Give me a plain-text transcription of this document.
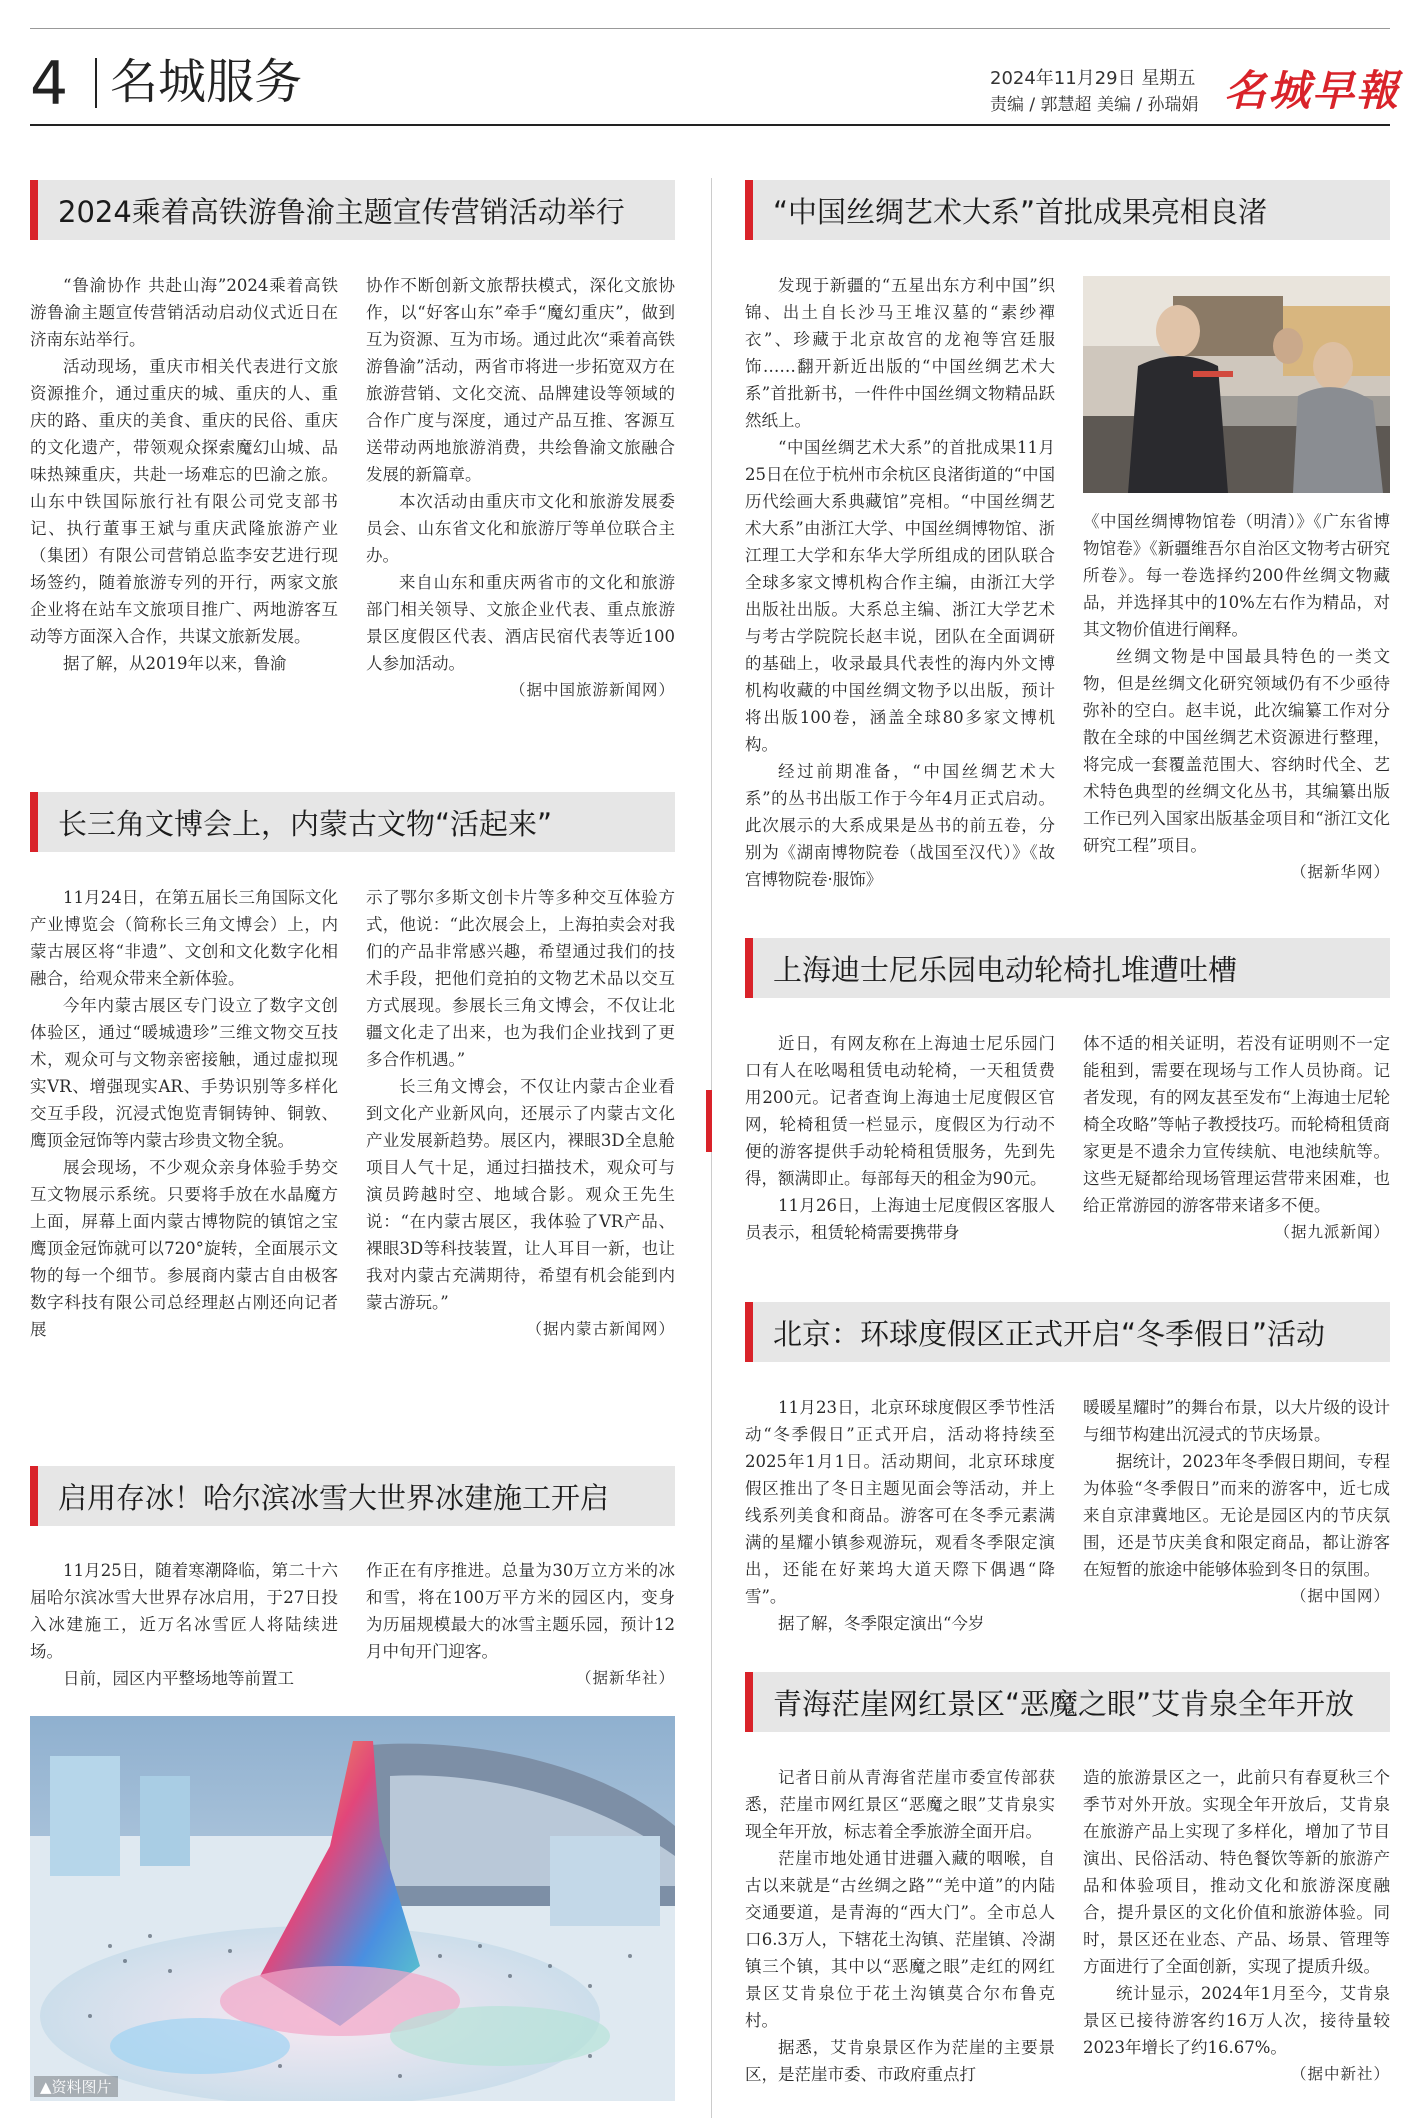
4 名城服务	2024年11月29日 星期五
责编 / 郭慧超 美编 / 孙瑞娟 名城早報
2024乘着高铁游鲁渝主题宣传营销活动举行

“鲁渝协作 共赴山海”2024乘着高铁游鲁渝主题宣传营销活动启动仪式近日在济南东站举行。

活动现场，重庆市相关代表进行文旅资源推介，通过重庆的城、重庆的人、重庆的路、重庆的美食、重庆的民俗、重庆的文化遗产，带领观众探索魔幻山城、品味热辣重庆，共赴一场难忘的巴渝之旅。山东中铁国际旅行社有限公司党支部书记、执行董事王斌与重庆武隆旅游产业（集团）有限公司营销总监李安艺进行现场签约，随着旅游专列的开行，两家文旅企业将在站车文旅项目推广、两地游客互动等方面深入合作，共谋文旅新发展。

据了解，从2019年以来，鲁渝

协作不断创新文旅帮扶模式，深化文旅协作，以“好客山东”牵手“魔幻重庆”，做到互为资源、互为市场。通过此次“乘着高铁游鲁渝”活动，两省市将进一步拓宽双方在旅游营销、文化交流、品牌建设等领域的合作广度与深度，通过产品互推、客源互送带动两地旅游消费，共绘鲁渝文旅融合发展的新篇章。

本次活动由重庆市文化和旅游发展委员会、山东省文化和旅游厅等单位联合主办。

来自山东和重庆两省市的文化和旅游部门相关领导、文旅企业代表、重点旅游景区度假区代表、酒店民宿代表等近100人参加活动。

（据中国旅游新闻网）

长三角文博会上，内蒙古文物“活起来”

11月24日，在第五届长三角国际文化产业博览会（简称长三角文博会）上，内蒙古展区将“非遗”、文创和文化数字化相融合，给观众带来全新体验。

今年内蒙古展区专门设立了数字文创体验区，通过“暖城遗珍”三维文物交互技术，观众可与文物亲密接触，通过虚拟现实VR、增强现实AR、手势识别等多样化交互手段，沉浸式饱览青铜铸钟、铜敦、鹰顶金冠饰等内蒙古珍贵文物全貌。

展会现场，不少观众亲身体验手势交互文物展示系统。只要将手放在水晶魔方上面，屏幕上面内蒙古博物院的镇馆之宝鹰顶金冠饰就可以720°旋转，全面展示文物的每一个细节。参展商内蒙古自由极客数字科技有限公司总经理赵占刚还向记者展

示了鄂尔多斯文创卡片等多种交互体验方式，他说：“此次展会上，上海拍卖会对我们的产品非常感兴趣，希望通过我们的技术手段，把他们竞拍的文物艺术品以交互方式展现。参展长三角文博会，不仅让北疆文化走了出来，也为我们企业找到了更多合作机遇。”

长三角文博会，不仅让内蒙古企业看到文化产业新风向，还展示了内蒙古文化产业发展新趋势。展区内，裸眼3D全息舱项目人气十足，通过扫描技术，观众可与演员跨越时空、地域合影。观众王先生说：“在内蒙古展区，我体验了VR产品、裸眼3D等科技装置，让人耳目一新，也让我对内蒙古充满期待，希望有机会能到内蒙古游玩。”

（据内蒙古新闻网）

启用存冰！哈尔滨冰雪大世界冰建施工开启

11月25日，随着寒潮降临，第二十六届哈尔滨冰雪大世界存冰启用，于27日投入冰建施工，近万名冰雪匠人将陆续进场。

日前，园区内平整场地等前置工

作正在有序推进。总量为30万立方米的冰和雪，将在100万平方米的园区内，变身为历届规模最大的冰雪主题乐园，预计12月中旬开门迎客。

（据新华社）

▲资料图片
“中国丝绸艺术大系”首批成果亮相良渚

发现于新疆的“五星出东方利中国”织锦、出土自长沙马王堆汉墓的“素纱襌衣”、珍藏于北京故宫的龙袍等宫廷服饰……翻开新近出版的“中国丝绸艺术大系”首批新书，一件件中国丝绸文物精品跃然纸上。

“中国丝绸艺术大系”的首批成果11月25日在位于杭州市余杭区良渚街道的“中国历代绘画大系典藏馆”亮相。“中国丝绸艺术大系”由浙江大学、中国丝绸博物馆、浙江理工大学和东华大学所组成的团队联合全球多家文博机构合作主编，由浙江大学出版社出版。大系总主编、浙江大学艺术与考古学院院长赵丰说，团队在全面调研的基础上，收录最具代表性的海内外文博机构收藏的中国丝绸文物予以出版，预计将出版100卷，涵盖全球80多家文博机构。

经过前期准备，“中国丝绸艺术大系”的丛书出版工作于今年4月正式启动。此次展示的大系成果是丛书的前五卷，分别为《湖南博物院卷（战国至汉代）》《故宫博物院卷·服饰》

《中国丝绸博物馆卷（明清）》《广东省博物馆卷》《新疆维吾尔自治区文物考古研究所卷》。每一卷选择约200件丝绸文物藏品，并选择其中的10%左右作为精品，对其文物价值进行阐释。

丝绸文物是中国最具特色的一类文物，但是丝绸文化研究领域仍有不少亟待弥补的空白。赵丰说，此次编纂工作对分散在全球的中国丝绸艺术资源进行整理，将完成一套覆盖范围大、容纳时代全、艺术特色典型的丝绸文化丛书，其编纂出版工作已列入国家出版基金项目和“浙江文化研究工程”项目。

（据新华网）

上海迪士尼乐园电动轮椅扎堆遭吐槽

近日，有网友称在上海迪士尼乐园门口有人在吆喝租赁电动轮椅，一天租赁费用200元。记者查询上海迪士尼度假区官网，轮椅租赁一栏显示，度假区为行动不便的游客提供手动轮椅租赁服务，先到先得，额满即止。每部每天的租金为90元。

11月26日，上海迪士尼度假区客服人员表示，租赁轮椅需要携带身

体不适的相关证明，若没有证明则不一定能租到，需要在现场与工作人员协商。记者发现，有的网友甚至发布“上海迪士尼轮椅全攻略”等帖子教授技巧。而轮椅租赁商家更是不遗余力宣传续航、电池续航等。这些无疑都给现场管理运营带来困难，也给正常游园的游客带来诸多不便。

（据九派新闻）

北京：环球度假区正式开启“冬季假日”活动

11月23日，北京环球度假区季节性活动“冬季假日”正式开启，活动将持续至2025年1月1日。活动期间，北京环球度假区推出了冬日主题见面会等活动，并上线系列美食和商品。游客可在冬季元素满满的星耀小镇参观游玩，观看冬季限定演出，还能在好莱坞大道天際下偶遇“降雪”。

据了解，冬季限定演出“今岁

暖暖星耀时”的舞台布景，以大片级的设计与细节构建出沉浸式的节庆场景。

据统计，2023年冬季假日期间，专程为体验“冬季假日”而来的游客中，近七成来自京津冀地区。无论是园区内的节庆氛围，还是节庆美食和限定商品，都让游客在短暂的旅途中能够体验到冬日的氛围。

（据中国网）

青海茫崖网红景区“恶魔之眼”艾肯泉全年开放

记者日前从青海省茫崖市委宣传部获悉，茫崖市网红景区“恶魔之眼”艾肯泉实现全年开放，标志着全季旅游全面开启。

茫崖市地处通甘进疆入藏的咽喉，自古以来就是“古丝绸之路”“羌中道”的内陆交通要道，是青海的“西大门”。全市总人口6.3万人，下辖花土沟镇、茫崖镇、冷湖镇三个镇，其中以“恶魔之眼”走红的网红景区艾肯泉位于花土沟镇莫合尔布鲁克村。

据悉，艾肯泉景区作为茫崖的主要景区，是茫崖市委、市政府重点打

造的旅游景区之一，此前只有春夏秋三个季节对外开放。实现全年开放后，艾肯泉在旅游产品上实现了多样化，增加了节目演出、民俗活动、特色餐饮等新的旅游产品和体验项目，推动文化和旅游深度融合，提升景区的文化价值和旅游体验。同时，景区还在业态、产品、场景、管理等方面进行了全面创新，实现了提质升级。

统计显示，2024年1月至今，艾肯泉景区已接待游客约16万人次，接待量较2023年增长了约16.67%。

（据中新社）
